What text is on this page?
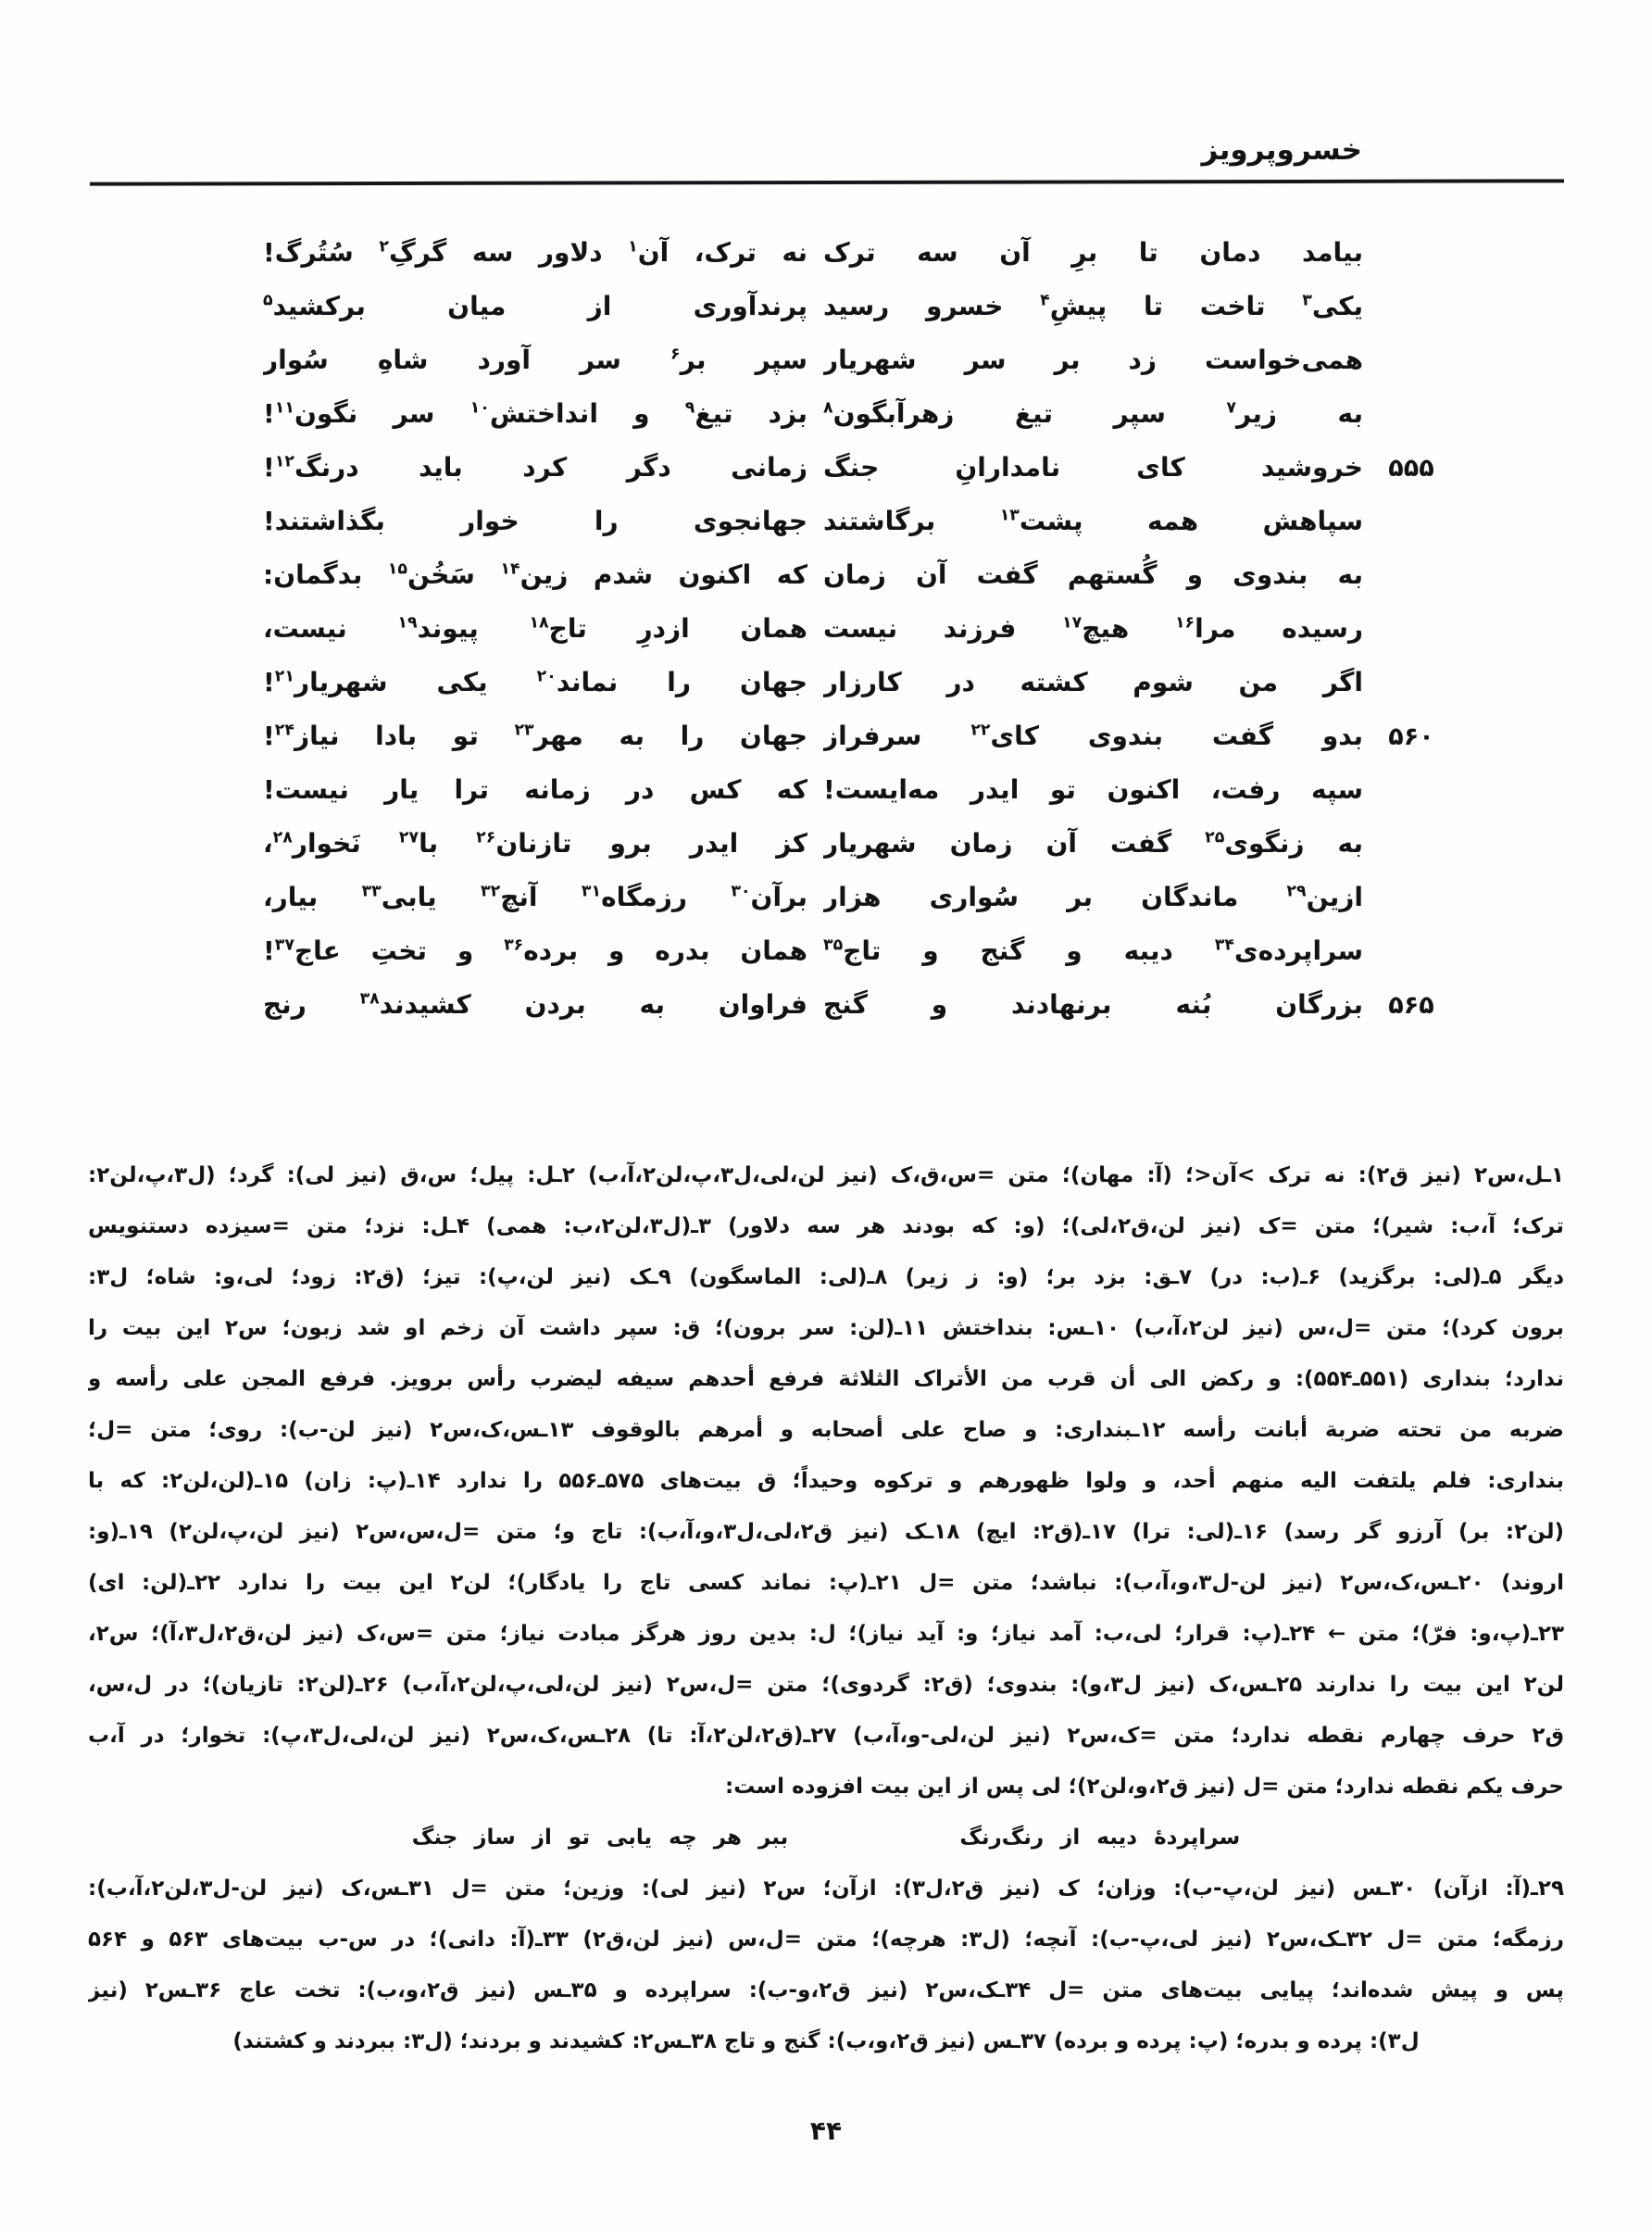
خسروپرویز
بیامد دمان تا برِ آن سه ترک
نه ترک، آن$^۱$ دلاور سه گرگِ$^۲$ سُتُرگ!
یکی$^۳$ تاخت تا پیشِ$^۴$ خسرو رسید
پرندآوری از میان برکشید$^۵$
همی‌خواست زد بر سر شهریار
سپر بر$^۶$ سر آورد شاهِ سُوار
به زیر$^۷$ سپر تیغ زهرآبگون$^۸$
بزد تیغ$^۹$ و انداختش$^{۱۰}$ سر نگون$^{۱۱}$!
۵۵۵
خروشید کای نامدارانِ جنگ
زمانی دگر کرد باید درنگ$^{۱۲}$!
سپاهش همه پشت$^{۱۳}$ برگاشتند
جهانجوی را خوار بگذاشتند!
به بندوی و گُستهم گفت آن زمان
که اکنون شدم زین$^{۱۴}$ سَخُن$^{۱۵}$ بدگمان:
رسیده مرا$^{۱۶}$ هیچ$^{۱۷}$ فرزند نیست
همان ازدرِ تاج$^{۱۸}$ پیوند$^{۱۹}$ نیست،
اگر من شوم کشته در کارزار
جهان را نماند$^{۲۰}$ یکی شهریار$^{۲۱}$!
۵۶۰
بدو گفت بندوی کای$^{۲۲}$ سرفراز
جهان را به مهر$^{۲۳}$ تو بادا نیاز$^{۲۴}$!
سپه رفت، اکنون تو ایدر مه‌ایست!
که کس در زمانه ترا یار نیست!
به زنگوی$^{۲۵}$ گفت آن زمان شهریار
کز ایدر برو تازنان$^{۲۶}$ با$^{۲۷}$ نَخوار$^{۲۸}$،
ازین$^{۲۹}$ ماندگان بر سُواری هزار
برآن$^{۳۰}$ رزمگاه$^{۳۱}$ آنچ$^{۳۲}$ یابی$^{۳۳}$ بیار،
سراپرده‌ی$^{۳۴}$ دیبه و گنج و تاج$^{۳۵}$
همان بدره و برده$^{۳۶}$ و تختِ عاج$^{۳۷}$!
۵۶۵
بزرگان بُنه برنهادند و گنج
فراوان به بردن کشیدند$^{۳۸}$ رنج
۱ـل،س۲ (نیز ق۲): نه ترک >آن<؛ (آ: مهان)؛ متن =س،ق،ک (نیز لن،لی،ل۳،پ،لن۲،آ،ب) ۲ـل: پیل؛ س،ق (نیز لی): گرد؛ (ل۳،پ،لن۲:
ترک؛ آ،ب: شیر)؛ متن =ک (نیز لن،ق۲،لی)؛ (و: که بودند هر سه دلاور) ۳ـ(ل۳،لن۲،ب: همی) ۴ـل: نزد؛ متن =سیزده دستنویس
دیگر ۵ـ(لی: برگزید) ۶ـ(ب: در) ۷ـق: بزد بر؛ (و: ز زیر) ۸ـ(لی: الماسگون) ۹ـک (نیز لن،پ): تیز؛ (ق۲: زود؛ لی،و: شاه؛ ل۳:
برون کرد)؛ متن =ل،س (نیز لن۲،آ،ب) ۱۰ـس: بنداختش ۱۱ـ(لن: سر برون)؛ ق: سپر داشت آن زخم او شد زبون؛ س۲ این بیت را
ندارد؛ بنداری (۵۵۱ـ۵۵۴): و رکض الی أن قرب من الأتراک الثلاثة فرفع أحدهم سیفه لیضرب رأس برویز. فرفع المجن علی رأسه و
ضربه من تحته ضربة أبانت رأسه ۱۲ـبنداری: و صاح علی أصحابه و أمرهم بالوقوف ۱۳ـس،ک،س۲ (نیز لن-ب): روی؛ متن =ل؛
بنداری: فلم یلتفت الیه منهم أحد، و ولوا ظهورهم و ترکوه وحیداً؛ ق بیت‌های ۵۷۵ـ۵۵۶ را ندارد ۱۴ـ(پ: زان) ۱۵ـ(لن،لن۲: که با
(لن۲: بر) آرزو گر رسد) ۱۶ـ(لی: ترا) ۱۷ـ(ق۲: ایچ) ۱۸ـک (نیز ق۲،لی،ل۳،و،آ،ب): تاج و؛ متن =ل،س،س۲ (نیز لن،پ،لن۲) ۱۹ـ(و:
اروند) ۲۰ـس،ک،س۲ (نیز لن-ل۳،و،آ،ب): نباشد؛ متن =ل ۲۱ـ(پ: نماند کسی تاج را یادگار)؛ لن۲ این بیت را ندارد ۲۲ـ(لن: ای)
۲۳ـ(پ،و: فرّ)؛ متن ← ۲۴ـ(پ: قرار؛ لی،ب: آمد نیاز؛ و: آید نیاز)؛ ل: بدین روز هرگز مبادت نیاز؛ متن =س،ک (نیز لن،ق۲،ل۳،آ)؛ س۲،
لن۲ این بیت را ندارند ۲۵ـس،ک (نیز ل۳،و): بندوی؛ (ق۲: گردوی)؛ متن =ل،س۲ (نیز لن،لی،پ،لن۲،آ،ب) ۲۶ـ(لن۲: تازیان)؛ در ل،س،
ق۲ حرف چهارم نقطه ندارد؛ متن =ک،س۲ (نیز لن،لی-و،آ،ب) ۲۷ـ(ق۲،لن۲،آ: تا) ۲۸ـس،ک،س۲ (نیز لن،لی،ل۳،پ): تخوار؛ در آ،ب
حرف یکم نقطه ندارد؛ متن =ل (نیز ق۲،و،لن۲)؛ لی پس از این بیت افزوده است:
سراپردهٔ دیبه از رنگ‌رنگ
ببر هر چه یابی تو از ساز جنگ
۲۹ـ(آ: ازآن) ۳۰ـس (نیز لن،پ-ب): وزان؛ ک (نیز ق۲،ل۳): ازآن؛ س۲ (نیز لی): وزین؛ متن =ل ۳۱ـس،ک (نیز لن-ل۳،لن۲،آ،ب):
رزمگه؛ متن =ل ۳۲ـک،س۲ (نیز لی،پ-ب): آنچه؛ (ل۳: هرچه)؛ متن =ل،س (نیز لن،ق۲) ۳۳ـ(آ: دانی)؛ در س-ب بیت‌های ۵۶۳ و ۵۶۴
پس و پیش شده‌اند؛ پیایی بیت‌های متن =ل ۳۴ـک،س۲ (نیز ق۲،و-ب): سراپرده و ۳۵ـس (نیز ق۲،و،ب): تخت عاج ۳۶ـس۲ (نیز
ل۳): پرده و بدره؛ (پ: پرده و برده) ۳۷ـس (نیز ق۲،و،ب): گنج و تاج ۳۸ـس۲: کشیدند و بردند؛ (ل۳: ببردند و کشتند)
۴۴
